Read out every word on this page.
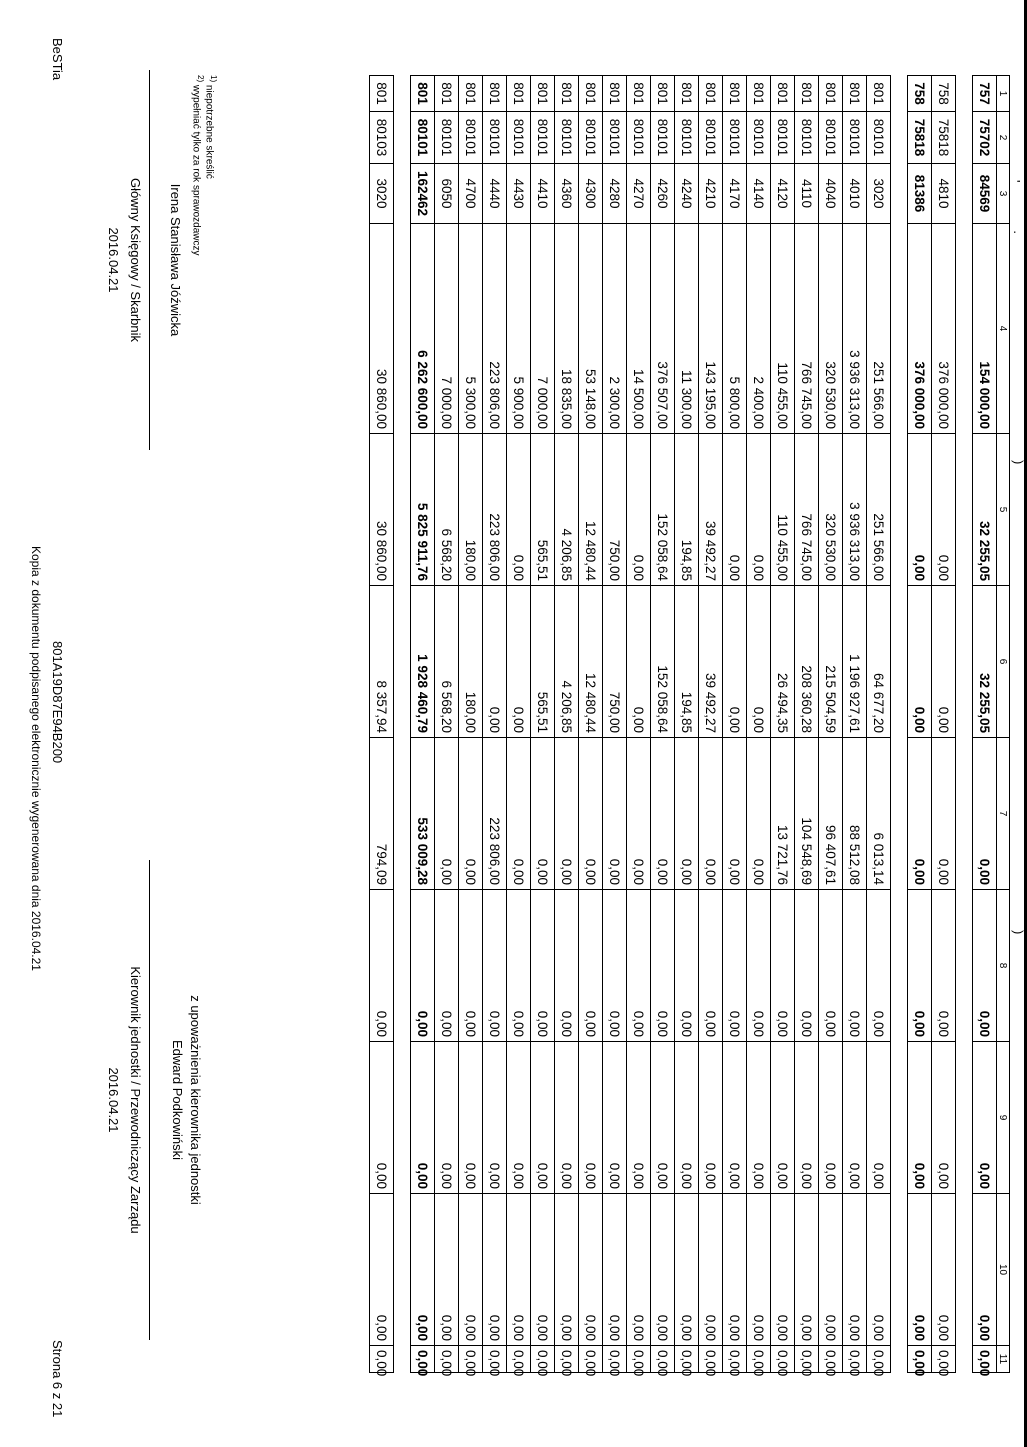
'
·
)
)
1	2	3	4	5	6	7	8	9	10	11
757	75702	84569	154 000,00	32 255,05	32 255,05	0,00	0,00	0,00	0,00	0,00

758	75818	4810	376 000,00	0,00	0,00	0,00	0,00	0,00	0,00	0,00
758	75818	81386	376 000,00	0,00	0,00	0,00	0,00	0,00	0,00	0,00

801	80101	3020	251 566,00	251 566,00	64 677,20	6 013,14	0,00	0,00	0,00	0,00
801	80101	4010	3 936 313,00	3 936 313,00	1 196 927,61	88 512,08	0,00	0,00	0,00	0,00
801	80101	4040	320 530,00	320 530,00	215 504,59	96 407,61	0,00	0,00	0,00	0,00
801	80101	4110	766 745,00	766 745,00	208 360,28	104 548,69	0,00	0,00	0,00	0,00
801	80101	4120	110 455,00	110 455,00	26 494,35	13 721,76	0,00	0,00	0,00	0,00
801	80101	4140	2 400,00	0,00	0,00	0,00	0,00	0,00	0,00	0,00
801	80101	4170	5 800,00	0,00	0,00	0,00	0,00	0,00	0,00	0,00
801	80101	4210	143 195,00	39 492,27	39 492,27	0,00	0,00	0,00	0,00	0,00
801	80101	4240	11 300,00	194,85	194,85	0,00	0,00	0,00	0,00	0,00
801	80101	4260	376 507,00	152 058,64	152 058,64	0,00	0,00	0,00	0,00	0,00
801	80101	4270	14 500,00	0,00	0,00	0,00	0,00	0,00	0,00	0,00
801	80101	4280	2 300,00	750,00	750,00	0,00	0,00	0,00	0,00	0,00
801	80101	4300	53 148,00	12 480,44	12 480,44	0,00	0,00	0,00	0,00	0,00
801	80101	4360	18 835,00	4 206,85	4 206,85	0,00	0,00	0,00	0,00	0,00
801	80101	4410	7 000,00	565,51	565,51	0,00	0,00	0,00	0,00	0,00
801	80101	4430	5 900,00	0,00	0,00	0,00	0,00	0,00	0,00	0,00
801	80101	4440	223 806,00	223 806,00	0,00	223 806,00	0,00	0,00	0,00	0,00
801	80101	4700	5 300,00	180,00	180,00	0,00	0,00	0,00	0,00	0,00
801	80101	6050	7 000,00	6 568,20	6 568,20	0,00	0,00	0,00	0,00	0,00
801	80101	162462	6 262 600,00	5 825 911,76	1 928 460,79	533 009,28	0,00	0,00	0,00	0,00

801	80103	3020	30 860,00	30 860,00	8 357,94	794,09	0,00	0,00	0,00	0,00
$^{1)}$ niepotrzebne skreślić
$^{2)}$ wypełniać tylko za rok sprawozdawczy
Irena Stanisława Jóźwicka
Główny Księgowy / Skarbnik
2016.04.21
z upoważnienia kierownika jednostki
Edward Podkowiński
Kierownik jednostki / Przewodniczący Zarządu
2016.04.21
BeSTia
801A19D87E94B200
Kopia z dokumentu podpisanego elektronicznie wygenerowana dnia 2016.04.21
Strona 6 z 21
